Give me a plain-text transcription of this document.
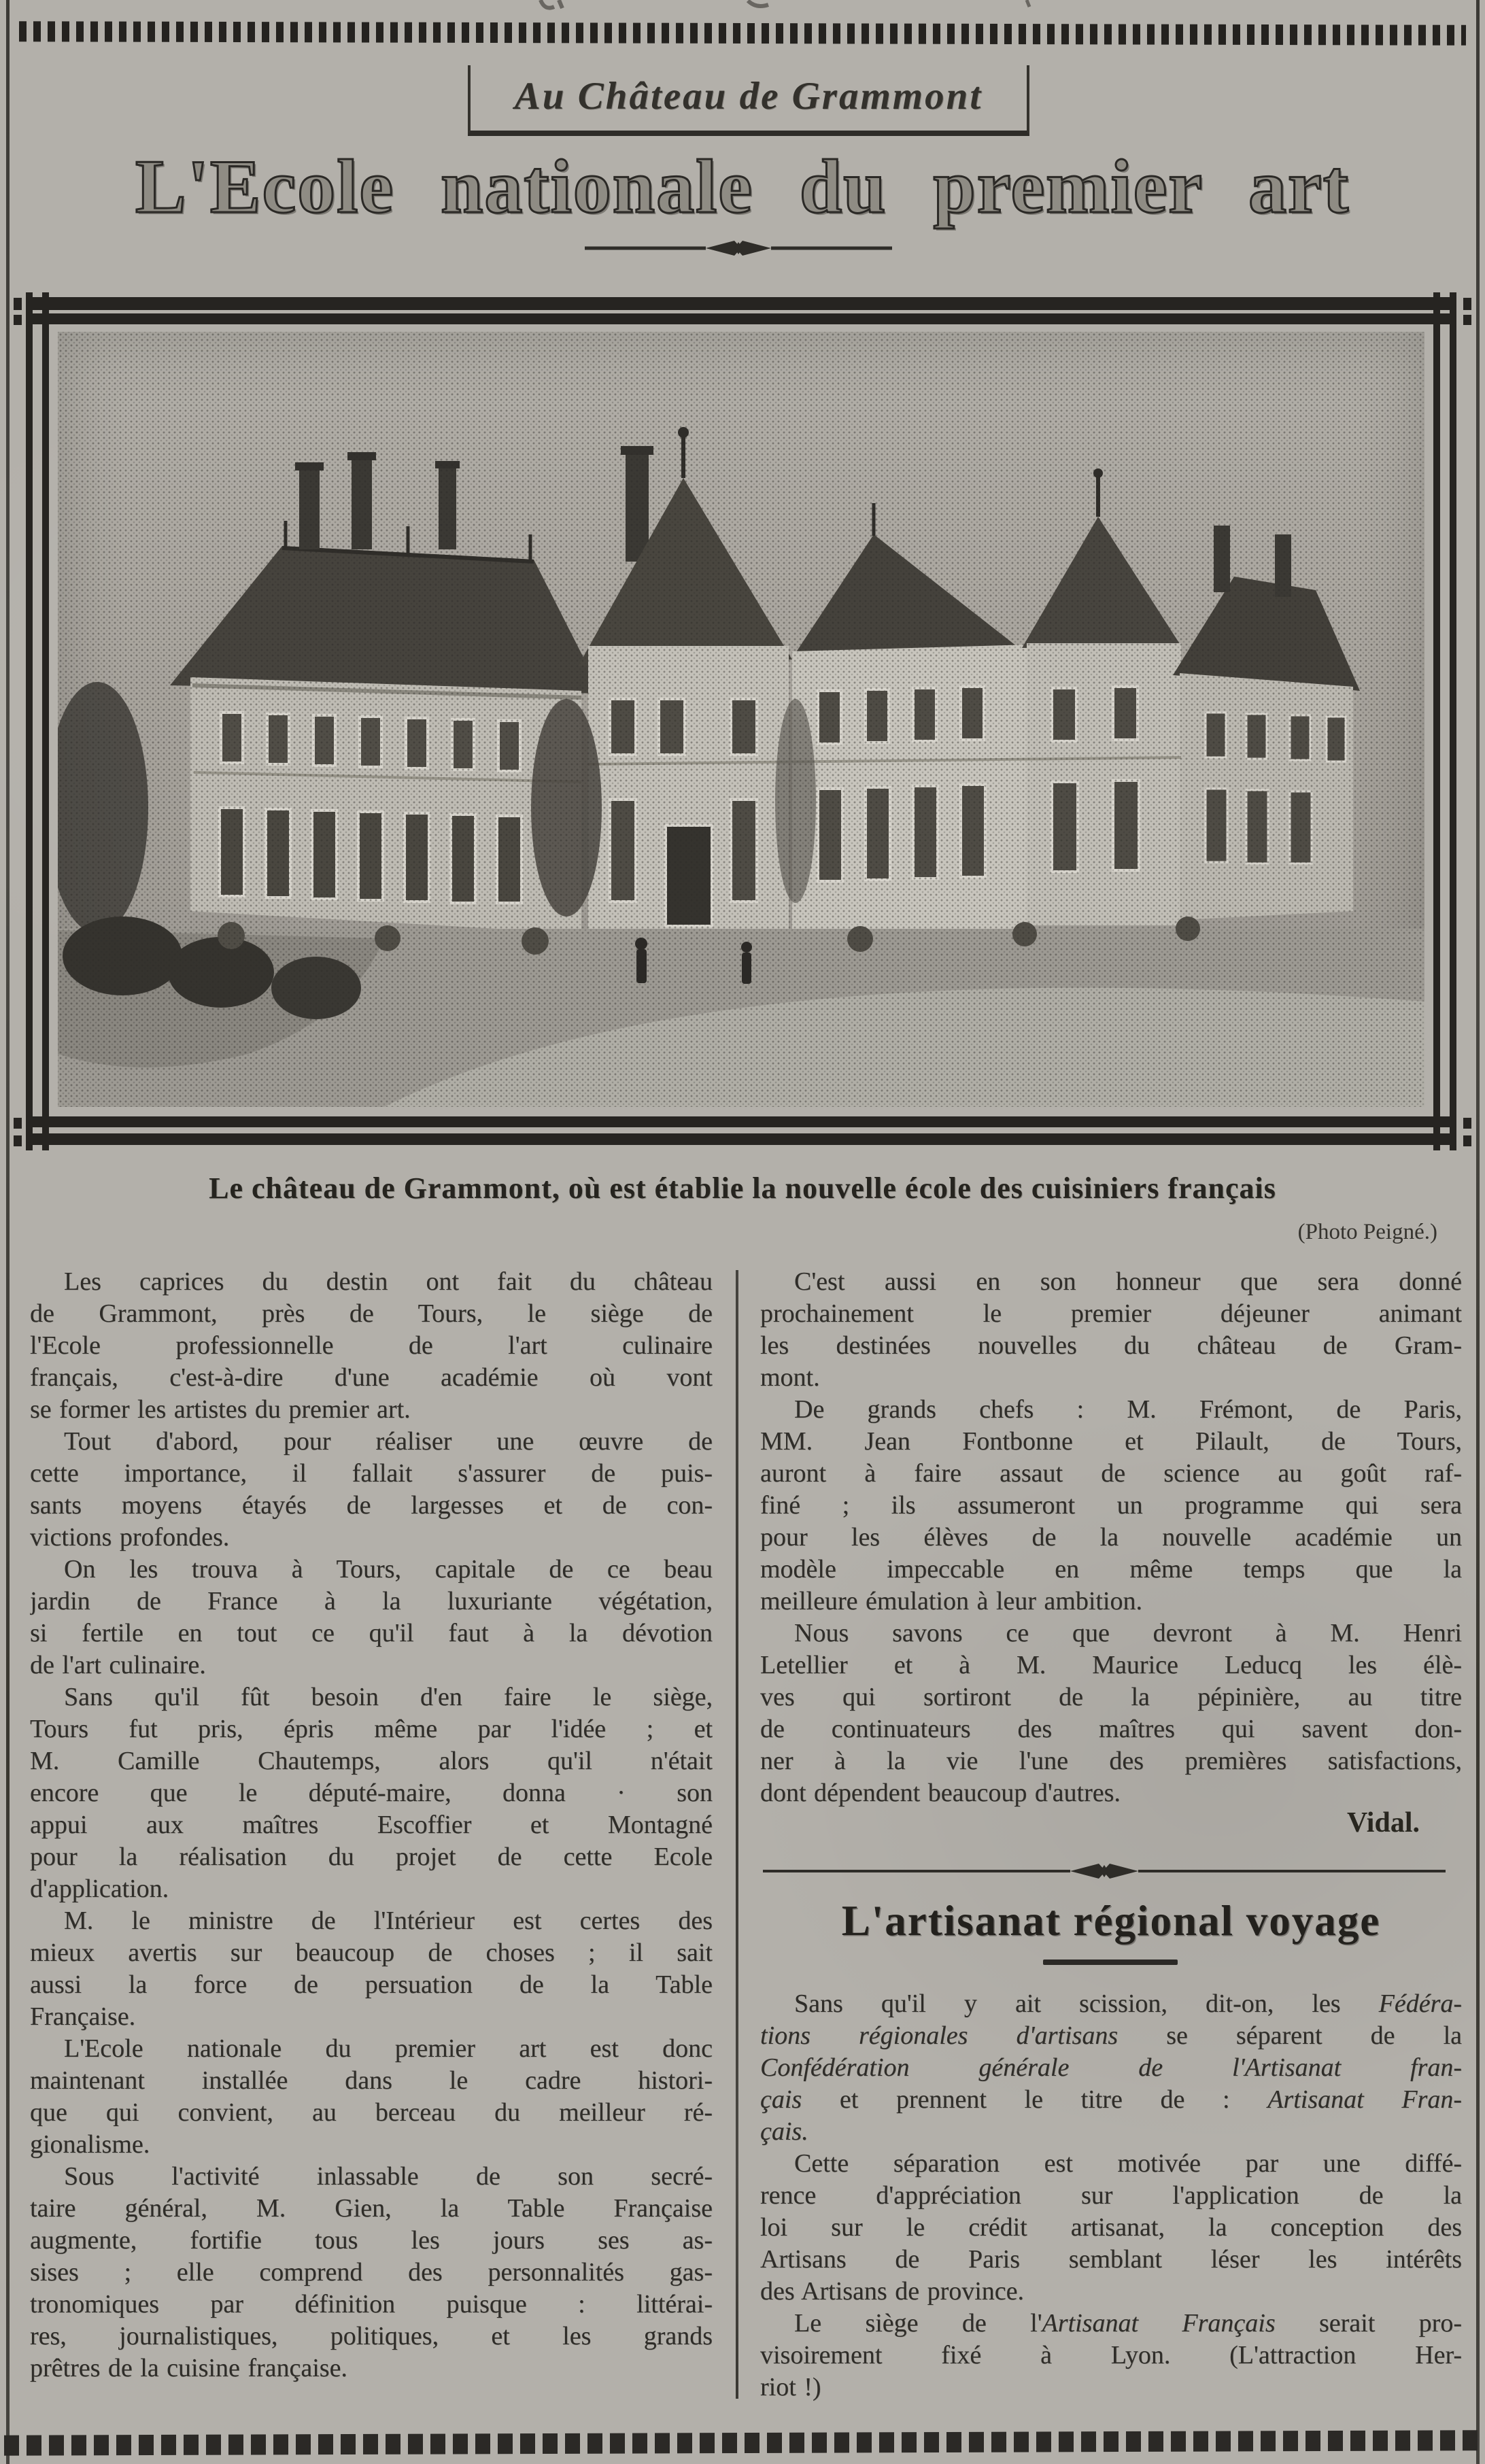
Au Château de Grammont
L'Ecole nationale du premier art
Le château de Grammont, où est établie la nouvelle école des cuisiniers français
(Photo Peigné.)
Les caprices du destin ont fait du château
de Grammont, près de Tours, le siège de
l'Ecole professionnelle de l'art culinaire
français, c'est-à-dire d'une académie où vont
se former les artistes du premier art.
Tout d'abord, pour réaliser une œuvre de
cette importance, il fallait s'assurer de puis-
sants moyens étayés de largesses et de con-
victions profondes.
On les trouva à Tours, capitale de ce beau
jardin de France à la luxuriante végétation,
si fertile en tout ce qu'il faut à la dévotion
de l'art culinaire.
Sans qu'il fût besoin d'en faire le siège,
Tours fut pris, épris même par l'idée ; et
M. Camille Chautemps, alors qu'il n'était
encore que le député-maire, donna · son
appui aux maîtres Escoffier et Montagné
pour la réalisation du projet de cette Ecole
d'application.
M. le ministre de l'Intérieur est certes des
mieux avertis sur beaucoup de choses ; il sait
aussi la force de persuation de la Table
Française.
L'Ecole nationale du premier art est donc
maintenant installée dans le cadre histori-
que qui convient, au berceau du meilleur ré-
gionalisme.
Sous l'activité inlassable de son secré-
taire général, M. Gien, la Table Française
augmente, fortifie tous les jours ses as-
sises ; elle comprend des personnalités gas-
tronomiques par définition puisque : littérai-
res, journalistiques, politiques, et les grands
prêtres de la cuisine française.
C'est aussi en son honneur que sera donné
prochainement le premier déjeuner animant
les destinées nouvelles du château de Gram-
mont.
De grands chefs : M. Frémont, de Paris,
MM. Jean Fontbonne et Pilault, de Tours,
auront à faire assaut de science au goût raf-
finé ; ils assumeront un programme qui sera
pour les élèves de la nouvelle académie un
modèle impeccable en même temps que la
meilleure émulation à leur ambition.
Nous savons ce que devront à M. Henri
Letellier et à M. Maurice Leducq les élè-
ves qui sortiront de la pépinière, au titre
de continuateurs des maîtres qui savent don-
ner à la vie l'une des premières satisfactions,
dont dépendent beaucoup d'autres.
Vidal.
L'artisanat régional voyage
Sans qu'il y ait scission, dit-on, les Fédéra-
tions régionales d'artisans se séparent de la
Confédération générale de l'Artisanat fran-
çais et prennent le titre de : Artisanat Fran-
çais.
Cette séparation est motivée par une diffé-
rence d'appréciation sur l'application de la
loi sur le crédit artisanat, la conception des
Artisans de Paris semblant léser les intérêts
des Artisans de province.
Le siège de l'Artisanat Français serait pro-
visoirement fixé à Lyon. (L'attraction Her-
riot !)
